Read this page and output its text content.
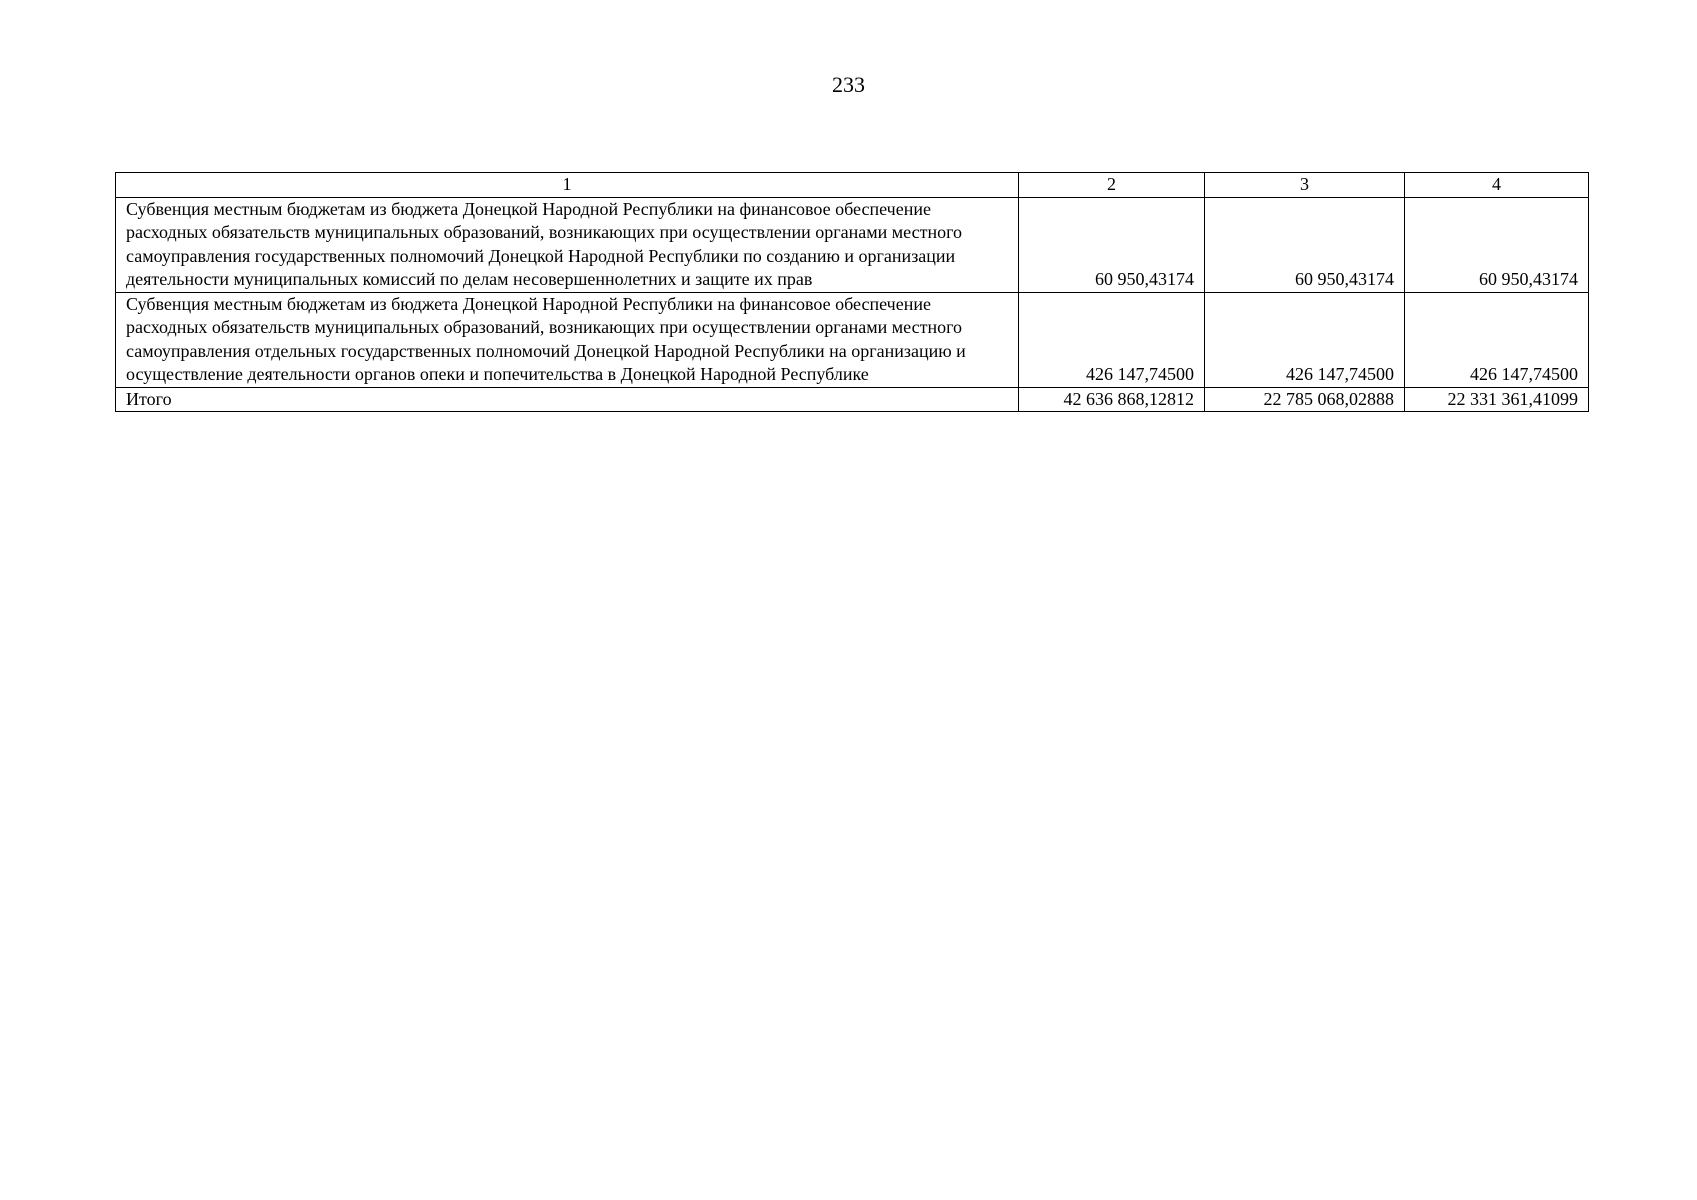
233
1	2	3	4
Субвенция местным бюджетам из бюджета Донецкой Народной Республики на финансовое обеспечение расходных обязательств муниципальных образований, возникающих при осуществлении органами местного самоуправления государственных полномочий Донецкой Народной Республики по созданию и организации деятельности муниципальных комиссий по делам несовершеннолетних и защите их прав	60 950,43174	60 950,43174	60 950,43174
Субвенция местным бюджетам из бюджета Донецкой Народной Республики на финансовое обеспечение расходных обязательств муниципальных образований, возникающих при осуществлении органами местного самоуправления отдельных государственных полномочий Донецкой Народной Республики на организацию и осуществление деятельности органов опеки и попечительства в Донецкой Народной Республике	426 147,74500	426 147,74500	426 147,74500
Итого	42 636 868,12812	22 785 068,02888	22 331 361,41099
